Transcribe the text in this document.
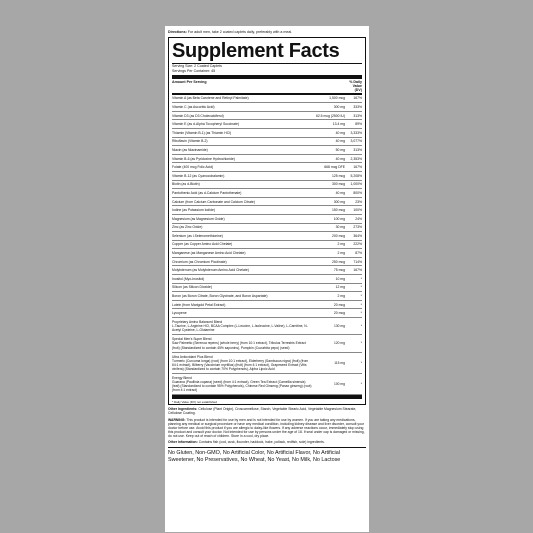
Directions: For adult men, take 2 coated caplets daily, preferably with a meal.
Supplement Facts
Serving Size: 2 Coated Caplets
Servings Per Container: 45
Amount Per Serving	% Daily Value (DV)
Vitamin A (as Beta Carotene and Retinyl Palmitate)	1,500 mcg	167%
Vitamin C (as Ascorbic Acid)	300 mg	333%
Vitamin D3 (as D3 Cholecalciferol)	62.5 mcg (2500 IU)	313%
Vitamin E (as d-Alpha Tocopheryl Succinate)	13.4 mg	89%
Thiamin (Vitamin B-1) (as Thiamin HCl)	40 mg	3,333%
Riboflavin (Vitamin B-2)	40 mg	3,077%
Niacin (as Niacinamide)	50 mg	313%
Vitamin B-6 (as Pyridoxine Hydrochloride)	40 mg	2,353%
Folate (400 mcg Folic Acid)	668 mcg DFE	167%
Vitamin B-12 (as Cyanocobalamin)	125 mcg	5,208%
Biotin (as d-Biotin)	300 mcg	1,000%
Pantothenic Acid (as d-Calcium Pantothenate)	40 mg	800%
Calcium (from Calcium Carbonate and Calcium Citrate)	300 mg	23%
Iodine (as Potassium Iodide)	150 mcg	100%
Magnesium (as Magnesium Oxide)	100 mg	24%
Zinc (as Zinc Oxide)	30 mg	273%
Selenium (as l-Selenomethionine)	200 mcg	364%
Copper (as Copper Amino Acid Chelate)	2 mg	222%
Manganese (as Manganese Amino Acid Chelate)	2 mg	87%
Chromium (as Chromium Picolinate)	250 mcg	714%
Molybdenum (as Molybdenum Amino Acid Chelate)	75 mcg	167%
Inositol (Myo-Inositol)	10 mg	*
Silicon (as Silicon Dioxide)	12 mg	*
Boron (as Boron Citrate, Boron Glycinate, and Boron Aspartate)	2 mg	*
Lutein (from Marigold Petal Extract)	20 mcg	*
Lycopene	20 mcg	*
Proprietary Amino Balanced Blend
L-Taurine, L-Arginine HCl, BCAA Complex (L-Leucine, L-Isoleucine, L-Valine), L-Carnitine, N-Acetyl Cysteine, L-Glutamine
130 mg	*
Special Men's Super Blend
Saw Palmetto (Serenoa repens) (whole berry) (from 10:1 extract), Tribulus Terrestris Extract (fruit) (Standardized to contain 45% saponins), Pumpkin (Cucurbita pepo) (seed)
120 mg	*
Ultra Antioxidant Plus Blend
Turmeric (Curcuma longa) (root) (from 10:1 extract), Elderberry (Sambucus nigra) (fruit) (from 64:1 extract), Bilberry (Vaccinium myrtillus) (fruit) (from 4:1 extract), Grapeseed Extract (Vitis vinifera) (Standardized to contain 70% Polyphenols), Alpha Lipoic Acid
115 mg	*
Energy Blend
Guarana (Paullinia cupana) (seed) (from 4:1 extract), Green Tea Extract (Camellia sinensis) (leaf) (Standardized to contain 95% Polyphenols), Chinese Red Ginseng (Panax ginseng) (root) (from 4:1 extract)
100 mg	*
* Daily Value (DV) not established
Other Ingredients: Cellulose (Plant Origin), Croscarmellose, Starch, Vegetable Stearic Acid, Vegetable Magnesium Stearate, Cellulose Coating.
WARNING: This product is intended for use by men and is not intended for use by women. If you are taking any medications, planning any medical or surgical procedure or have any medical condition, including kidney disease and liver disorder, consult your doctor before use. Avoid this product if you are allergic to daisy-like flowers. If any adverse reactions occur, immediately stop using this product and consult your doctor. Not intended for use by persons under the age of 18. If seal under cap is damaged or missing, do not use. Keep out of reach of children. Store in a cool, dry place.
Other Information: Contains fish (cod, cusk, flounder, haddock, hake, pollack, redfish, sole) ingredients.
No Gluten, Non-GMO, No Artificial Color, No Artificial Flavor, No Artificial Sweetener, No Preservatives, No Wheat, No Yeast, No Milk, No Lactose
